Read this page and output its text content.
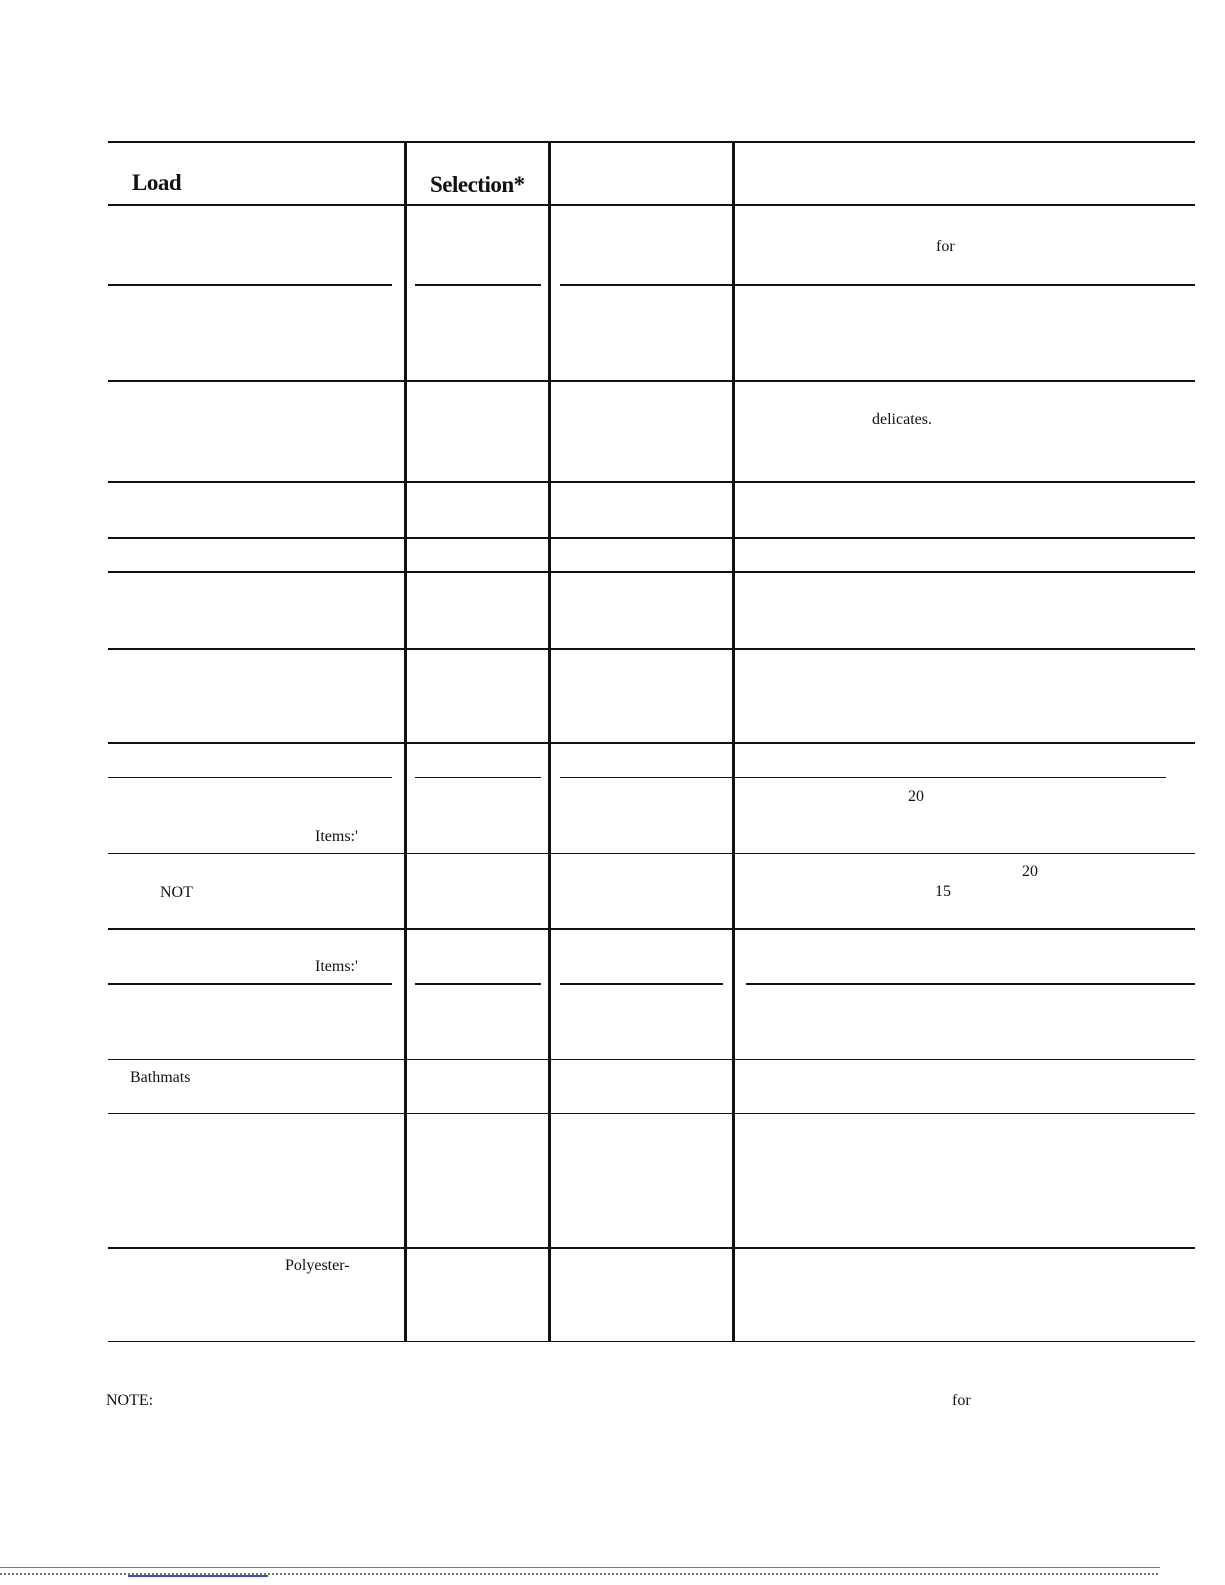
Load	Selection*
for
delicates.
20
Items:'
NOT
20
15
Items:'
Bathmats
Polyester-
NOTE:	for
